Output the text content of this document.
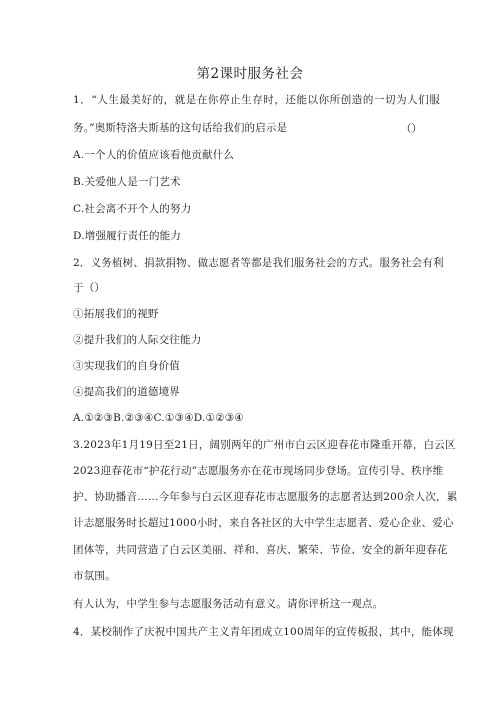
第2课时服务社会
1．“人生最美好的，就是在你停止生存时，还能以你所创造的一切为人们服
务。”奥斯特洛夫斯基的这句话给我们的启示是	（）
A.一个人的价值应该看他贡献什么
B.关爱他人是一门艺术
C.社会离不开个人的努力
D.增强履行责任的能力
2．义务植树、捐款捐物、做志愿者等都是我们服务社会的方式。服务社会有利
于（）
①拓展我们的视野
②提升我们的人际交往能力
③实现我们的自身价值
④提高我们的道德境界
A.①②③B.②③④C.①③④D.①②③④
3.2023年1月19日至21日，阔别两年的广州市白云区迎春花市隆重开幕，白云区
2023迎春花市“护花行动”志愿服务亦在花市现场同步登场。宣传引导、秩序维
护、协助播音……今年参与白云区迎春花市志愿服务的志愿者达到200余人次，累
计志愿服务时长超过1000小时，来自各社区的大中学生志愿者、爱心企业、爱心
团体等，共同营造了白云区美丽、祥和、喜庆、繁荣、节俭、安全的新年迎春花
市氛围。
有人认为，中学生参与志愿服务活动有意义。请你评析这一观点。
4．某校制作了庆祝中国共产主义青年团成立100周年的宣传板报，其中，能体现
